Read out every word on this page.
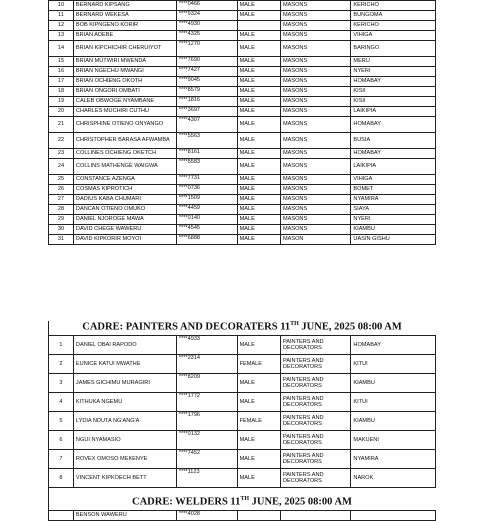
10	BERNARD KIPSANG	****0466	MALE	MASONS	KERICHO
11	BERNARD WEKESA	****9324	MALE	MASONS	BUNGOMA
12	BOB KIPNGENO KORIR	****4930		MASONS	KERICHO
13	BRIAN ADEBE	****4325	MALE	MASONS	VIHIGA
14	BRIAN KIPCHICHIR CHERUIYOT	****1270	MALE	MASONS	BARINGO
15	BRIAN MUTWIRI MWENDA	****7690	MALE	MASONS	MERU
16	BRIAN NGECHU MWANGI	****7427	MALE	MASONS	NYERI
17	BRIAN OCHIENG OKOTH	****9045	MALE	MASONS	HOMABAY
18	BRIAN ONGORI OMBATI	****8579	MALE	MASONS	KISII
19	CALEB OBWOGE NYAMBANE	****1816	MALE	MASONS	KISII
20	CHARLES MUCHIRI CUTHU	****3697	MALE	MASONS	LAIKIPIA
21	CHRISPHINE OTIENO ONYANGO	****4307	MALE	MASONS	HOMABAY
22	CHRISTOPHER BARASA AFWAMBA	****5563	MALE	MASONS	BUSIA
23	COLLINES OCHIENG OKETCH	****8161	MALE	MASONS	HOMABAY
24	COLLINS MATHENGE WAIGWA	****5583	MALE	MASONS	LAIKIPIA
25	CONSTANCE AZENGA	****7731	MALE	MASONS	VIHIGA
26	COSMAS KIPROTICH	****0736	MALE	MASONS	BOMET
27	DADIUS KABA CHUMARI	****1509	MALE	MASONS	NYAMIRA
28	DANCAN OTIENO OMUKO	****4459	MALE	MASONS	SIAYA
29	DANIEL NJOROGE MAWA	****0140	MALE	MASONS	NYERI
30	DAVID CHEGE WAWERU	****4545	MALE	MASONS	KIAMBU
31	DAVID KIPKORIR MOYOI	****6888	MALE	MASON	UASIN GISHU
CADRE: PAINTERS AND DECORATERS 11TH JUNE, 2025 08:00 AM
1	DANIEL OBAI RAPODO	****4933	MALE	PAINTERS AND DECORATORS	HOMABAY
2	EUNICE KATUI MWATHE	****2314	FEMALE	PAINTERS AND DECORATORS	KITUI
3	JAMES GICHIMU MURAGIRI	****8209	MALE	PAINTERS AND DECORATORS	KIAMBU
4	KITHUKA NGEMU	****1772	MALE	PAINTERS AND DECORATORS	KITUI
5	LYDIA NDUTA NG'ANG'A	****1796	FEMALE	PAINTERS AND DECORATORS	KIAMBU
6	NGUI NYAMASIO	****0132	MALE	PAINTERS AND DECORATORS	MAKUENI
7	ROVEX OMOSO MEKENYE	****7452	MALE	PAINTERS AND DECORATORS	NYAMIRA
8	VINCENT KIPKOECH BETT	****1123	MALE	PAINTERS AND DECORATORS	NAROK
CADRE: WELDERS 11TH JUNE, 2025 08:00 AM
	BENSON WAWERU	****4028			
